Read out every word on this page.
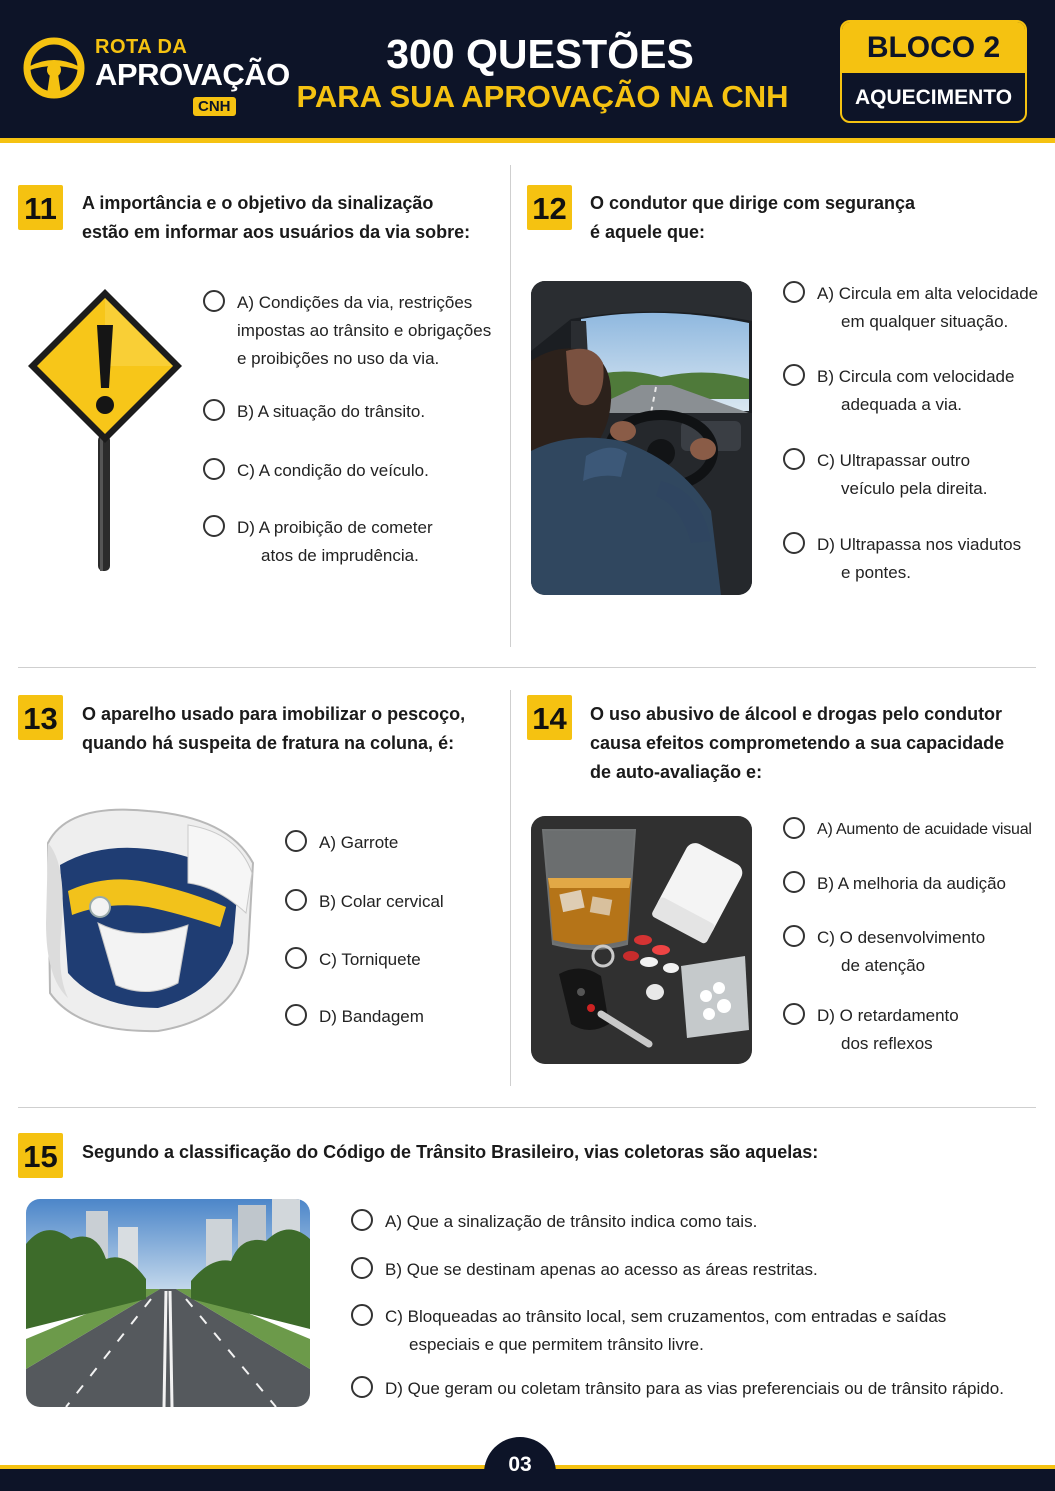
ROTA DA
APROVAÇÃO
CNH
300 QUESTÕES
PARA SUA APROVAÇÃO NA CNH
BLOCO 2
AQUECIMENTO
11	A importância e o objetivo da sinalização
estão em informar aos usuários da via sobre:
A) Condições da via, restrições
impostas ao trânsito e obrigações
e proibições no uso da via.
B) A situação do trânsito.
C) A condição do veículo.
D) A proibição de cometer
atos de imprudência.
12 O condutor que dirige com segurança
é aquele que:
A) Circula em alta velocidade
em qualquer situação.
B) Circula com velocidade
adequada a via.
C) Ultrapassar outro
veículo pela direita.
D) Ultrapassa nos viadutos
e pontes.
13 O aparelho usado para imobilizar o pescoço,
quando há suspeita de fratura na coluna, é:
A) Garrote
B) Colar cervical
C) Torniquete
D) Bandagem
14 O uso abusivo de álcool e drogas pelo condutor
causa efeitos comprometendo a sua capacidade
de auto-avaliação e:
A) Aumento de acuidade visual
B) A melhoria da audição
C) O desenvolvimento
de atenção
D) O retardamento
dos reflexos
15 Segundo a classificação do Código de Trânsito Brasileiro, vias coletoras são aquelas:
A) Que a sinalização de trânsito indica como tais.
B) Que se destinam apenas ao acesso as áreas restritas.
C) Bloqueadas ao trânsito local, sem cruzamentos, com entradas e saídas
especiais e que permitem trânsito livre.
D) Que geram ou coletam trânsito para as vias preferenciais ou de trânsito rápido.
03
